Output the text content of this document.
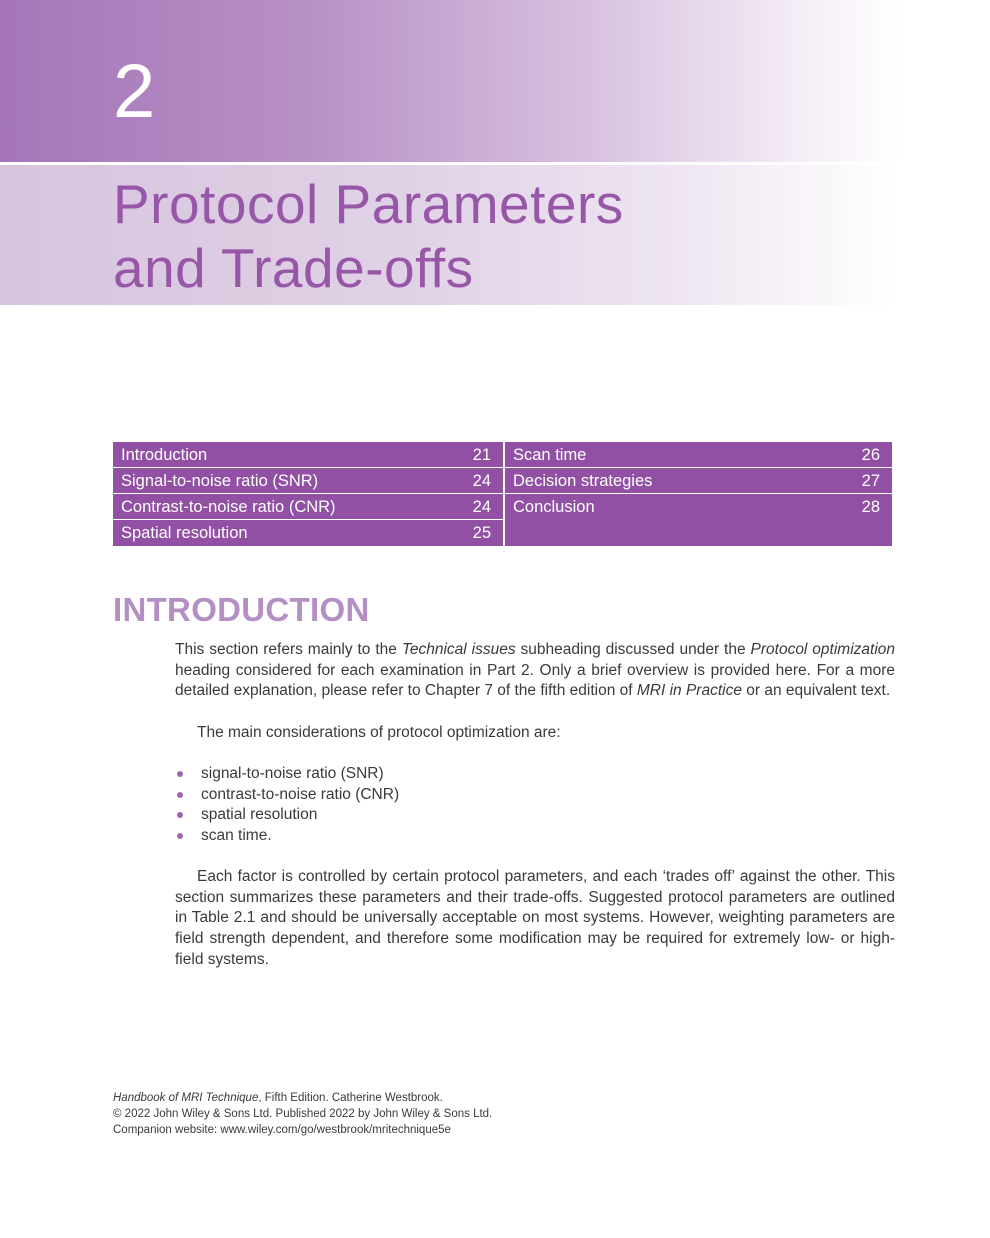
2
Protocol Parameters
and Trade-offs
Introduction	21
Signal-to-noise ratio (SNR)	24
Contrast-to-noise ratio (CNR)	24
Spatial resolution	25
Scan time	26
Decision strategies	27
Conclusion	28
INTRODUCTION

This section refers mainly to the Technical issues subheading discussed under the Protocol optimization heading considered for each examination in Part 2. Only a brief overview is provided here. For a more detailed explanation, please refer to Chapter 7 of the fifth edition of MRI in Practice or an equivalent text.

The main considerations of protocol optimization are:

signal-to-noise ratio (SNR)
contrast-to-noise ratio (CNR)
spatial resolution
scan time.

Each factor is controlled by certain protocol parameters, and each ‘trades off’ against the other. This section summarizes these parameters and their trade-offs. Suggested protocol parameters are outlined in Table 2.1 and should be universally acceptable on most systems. However, weighting parameters are field strength dependent, and therefore some modification may be required for extremely low- or high-field systems.

Handbook of MRI Technique, Fifth Edition. Catherine Westbrook.
© 2022 John Wiley & Sons Ltd. Published 2022 by John Wiley & Sons Ltd.
Companion website: www.wiley.com/go/westbrook/mritechnique5e
